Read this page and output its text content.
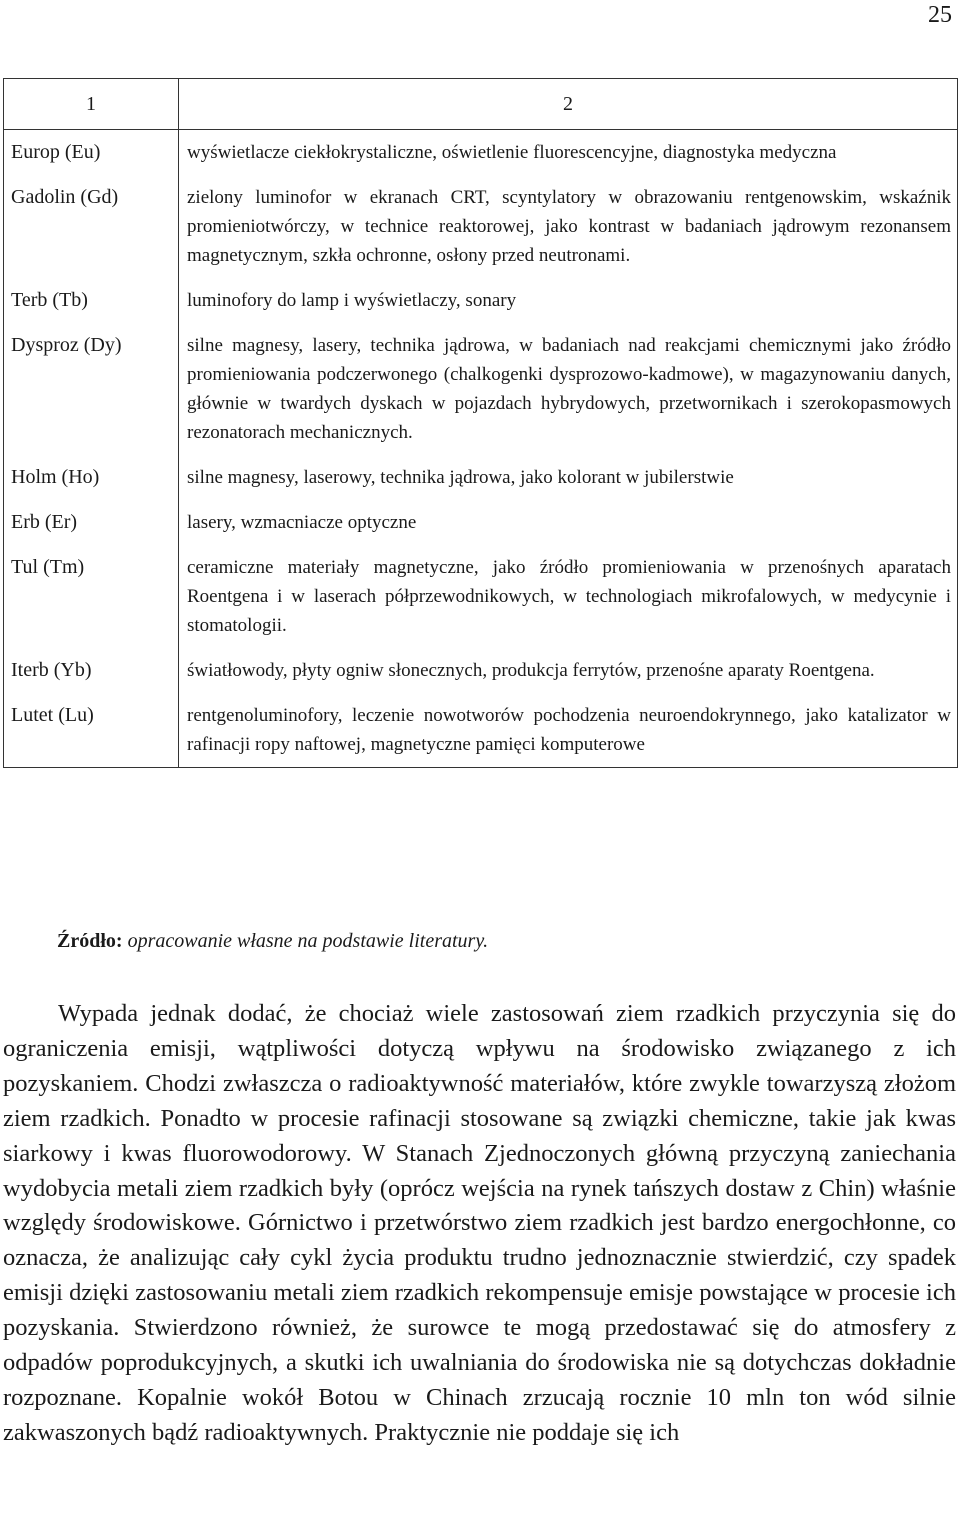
25
1	2
Europ (Eu)	wyświetlacze ciekłokrystaliczne, oświetlenie fluorescencyjne, diagnostyka medyczna
Gadolin (Gd)	zielony luminofor w ekranach CRT, scyntylatory w obrazowaniu rentgenowskim, wskaźnik promieniotwórczy, w technice reaktorowej, jako kontrast w badaniach jądrowym rezonansem magnetycznym, szkła ochronne, osłony przed neutronami.
Terb (Tb)	luminofory do lamp i wyświetlaczy, sonary
Dysproz (Dy)	silne magnesy, lasery, technika jądrowa, w badaniach nad reakcjami chemicznymi jako źródło promieniowania podczerwonego (chalkogenki dysprozowo-kadmowe), w magazynowaniu danych, głównie w twardych dyskach w pojazdach hybrydowych, przetwornikach i szerokopasmowych rezonatorach mechanicznych.
Holm (Ho)	silne magnesy, laserowy, technika jądrowa, jako kolorant w jubilerstwie
Erb (Er)	lasery, wzmacniacze optyczne
Tul (Tm)	ceramiczne materiały magnetyczne, jako źródło promieniowania w przenośnych aparatach Roentgena i w laserach półprzewodnikowych, w technologiach mikrofalowych, w medycynie i stomatologii.
Iterb (Yb)	światłowody, płyty ogniw słonecznych, produkcja ferrytów, przenośne aparaty Roentgena.
Lutet (Lu)	rentgenoluminofory, leczenie nowotworów pochodzenia neuroendokrynnego, jako katalizator w rafinacji ropy naftowej, magnetyczne pamięci komputerowe
Źródło: opracowanie własne na podstawie literatury.

Wypada jednak dodać, że chociaż wiele zastosowań ziem rzadkich przyczynia się do ograniczenia emisji, wątpliwości dotyczą wpływu na środowisko związanego z ich pozyskaniem. Chodzi zwłaszcza o radioaktywność materiałów, które zwykle towarzyszą złożom ziem rzadkich. Ponadto w procesie rafinacji stosowane są związki chemiczne, takie jak kwas siarkowy i kwas fluorowodorowy. W Stanach Zjednoczonych główną przyczyną zaniechania wydobycia metali ziem rzadkich były (oprócz wejścia na rynek tańszych dostaw z Chin) właśnie względy środowiskowe. Górnictwo i przetwórstwo ziem rzadkich jest bardzo energochłonne, co oznacza, że analizując cały cykl życia produktu trudno jednoznacznie stwierdzić, czy spadek emisji dzięki zastosowaniu metali ziem rzadkich rekompensuje emisje powstające w procesie ich pozyskania. Stwierdzono również, że surowce te mogą przedostawać się do atmosfery z odpadów poprodukcyjnych, a skutki ich uwalniania do środowiska nie są dotychczas dokładnie rozpoznane. Kopalnie wokół Botou w Chinach zrzucają rocznie 10 mln ton wód silnie zakwaszonych bądź radioaktywnych. Praktycznie nie poddaje się ich
